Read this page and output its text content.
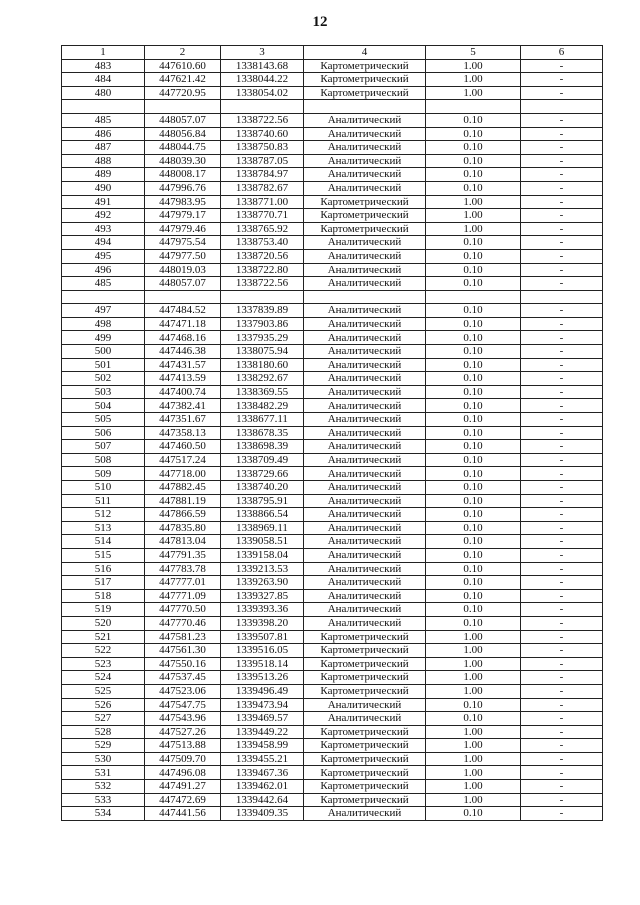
12
1	2	3	4	5	6
483	447610.60	1338143.68	Картометрический	1.00	-
484	447621.42	1338044.22	Картометрический	1.00	-
480	447720.95	1338054.02	Картометрический	1.00	-

485	448057.07	1338722.56	Аналитический	0.10	-
486	448056.84	1338740.60	Аналитический	0.10	-
487	448044.75	1338750.83	Аналитический	0.10	-
488	448039.30	1338787.05	Аналитический	0.10	-
489	448008.17	1338784.97	Аналитический	0.10	-
490	447996.76	1338782.67	Аналитический	0.10	-
491	447983.95	1338771.00	Картометрический	1.00	-
492	447979.17	1338770.71	Картометрический	1.00	-
493	447979.46	1338765.92	Картометрический	1.00	-
494	447975.54	1338753.40	Аналитический	0.10	-
495	447977.50	1338720.56	Аналитический	0.10	-
496	448019.03	1338722.80	Аналитический	0.10	-
485	448057.07	1338722.56	Аналитический	0.10	-

497	447484.52	1337839.89	Аналитический	0.10	-
498	447471.18	1337903.86	Аналитический	0.10	-
499	447468.16	1337935.29	Аналитический	0.10	-
500	447446.38	1338075.94	Аналитический	0.10	-
501	447431.57	1338180.60	Аналитический	0.10	-
502	447413.59	1338292.67	Аналитический	0.10	-
503	447400.74	1338369.55	Аналитический	0.10	-
504	447382.41	1338482.29	Аналитический	0.10	-
505	447351.67	1338677.11	Аналитический	0.10	-
506	447358.13	1338678.35	Аналитический	0.10	-
507	447460.50	1338698.39	Аналитический	0.10	-
508	447517.24	1338709.49	Аналитический	0.10	-
509	447718.00	1338729.66	Аналитический	0.10	-
510	447882.45	1338740.20	Аналитический	0.10	-
511	447881.19	1338795.91	Аналитический	0.10	-
512	447866.59	1338866.54	Аналитический	0.10	-
513	447835.80	1338969.11	Аналитический	0.10	-
514	447813.04	1339058.51	Аналитический	0.10	-
515	447791.35	1339158.04	Аналитический	0.10	-
516	447783.78	1339213.53	Аналитический	0.10	-
517	447777.01	1339263.90	Аналитический	0.10	-
518	447771.09	1339327.85	Аналитический	0.10	-
519	447770.50	1339393.36	Аналитический	0.10	-
520	447770.46	1339398.20	Аналитический	0.10	-
521	447581.23	1339507.81	Картометрический	1.00	-
522	447561.30	1339516.05	Картометрический	1.00	-
523	447550.16	1339518.14	Картометрический	1.00	-
524	447537.45	1339513.26	Картометрический	1.00	-
525	447523.06	1339496.49	Картометрический	1.00	-
526	447547.75	1339473.94	Аналитический	0.10	-
527	447543.96	1339469.57	Аналитический	0.10	-
528	447527.26	1339449.22	Картометрический	1.00	-
529	447513.88	1339458.99	Картометрический	1.00	-
530	447509.70	1339455.21	Картометрический	1.00	-
531	447496.08	1339467.36	Картометрический	1.00	-
532	447491.27	1339462.01	Картометрический	1.00	-
533	447472.69	1339442.64	Картометрический	1.00	-
534	447441.56	1339409.35	Аналитический	0.10	-
